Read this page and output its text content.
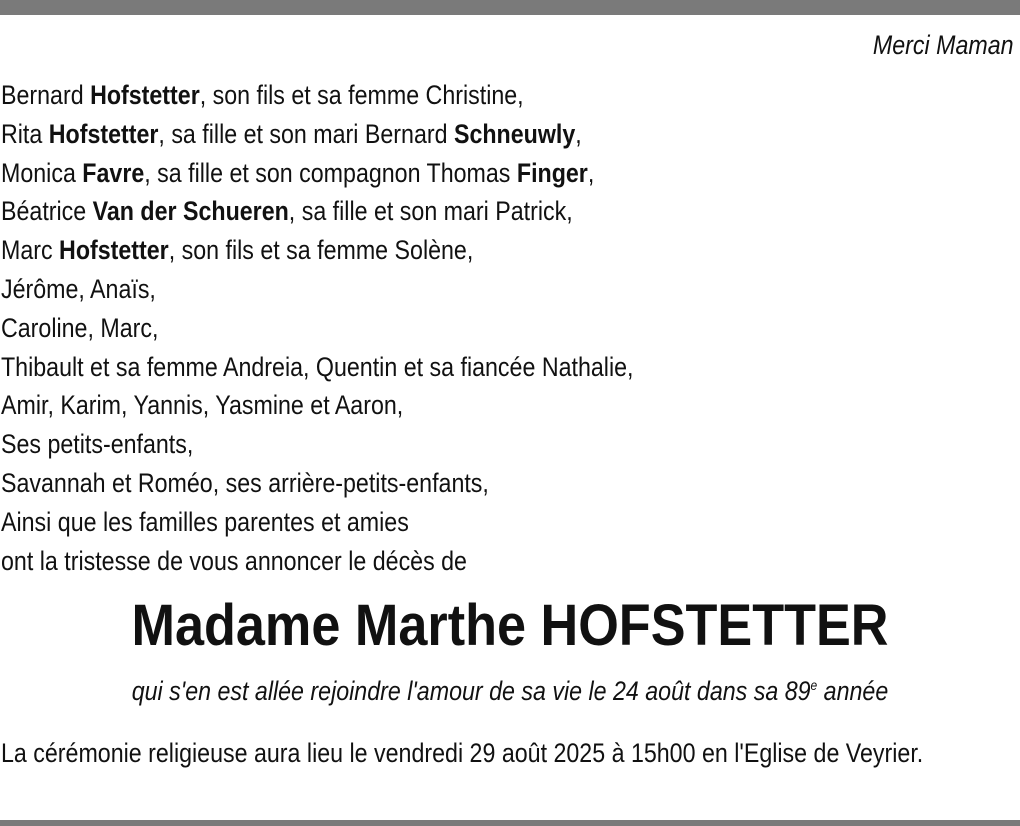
Merci Maman
Bernard Hofstetter, son fils et sa femme Christine,
Rita Hofstetter, sa fille et son mari Bernard Schneuwly,
Monica Favre, sa fille et son compagnon Thomas Finger,
Béatrice Van der Schueren, sa fille et son mari Patrick,
Marc Hofstetter, son fils et sa femme Solène,
Jérôme, Anaïs,
Caroline, Marc,
Thibault et sa femme Andreia, Quentin et sa fiancée Nathalie,
Amir, Karim, Yannis, Yasmine et Aaron,
Ses petits-enfants,
Savannah et Roméo, ses arrière-petits-enfants,
Ainsi que les familles parentes et amies
ont la tristesse de vous annoncer le décès de
Madame Marthe HOFSTETTER
qui s'en est allée rejoindre l'amour de sa vie le 24 août dans sa 89e année
La cérémonie religieuse aura lieu le vendredi 29 août 2025 à 15h00 en l'Eglise de Veyrier.
